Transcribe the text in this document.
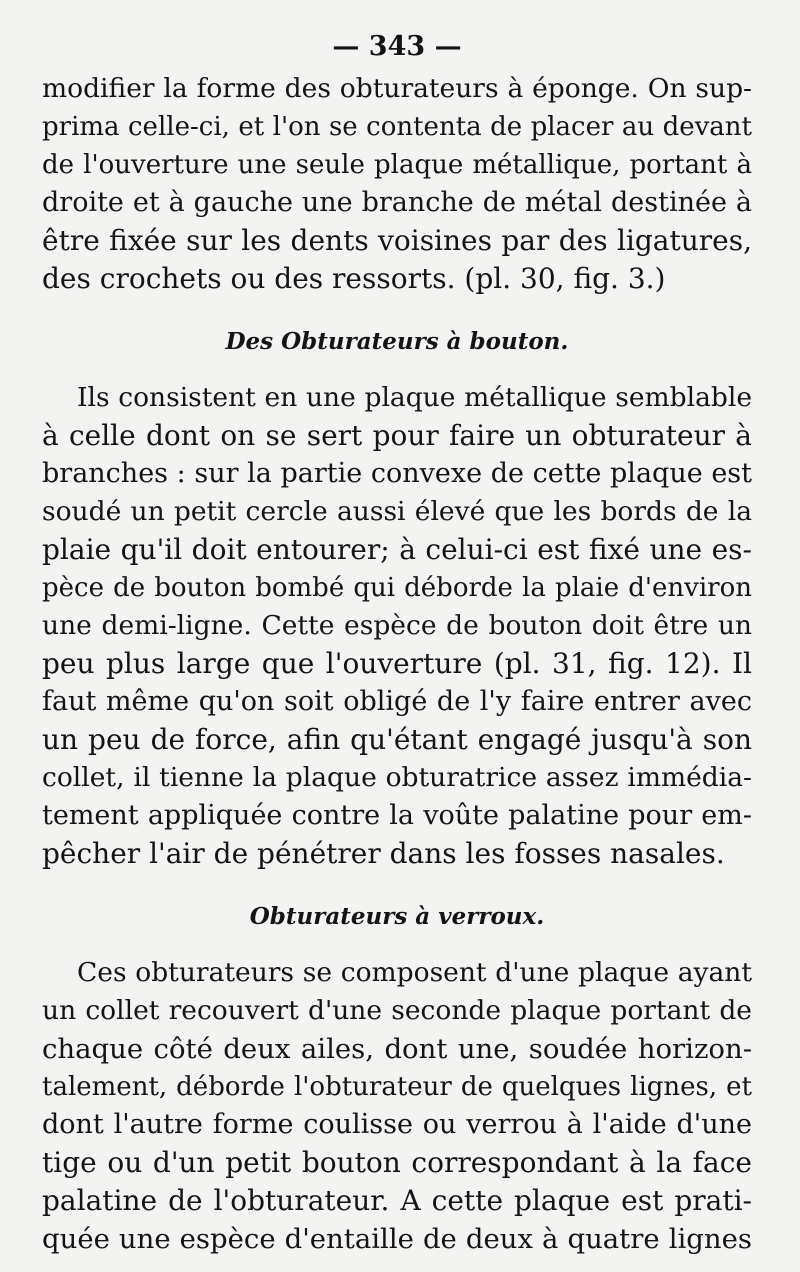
— 343 —
modifier la forme des obturateurs à éponge. On sup-
prima celle-ci, et l'on se contenta de placer au devant
de l'ouverture une seule plaque métallique, portant à
droite et à gauche une branche de métal destinée à
être fixée sur les dents voisines par des ligatures,
des crochets ou des ressorts. (pl. 30, fig. 3.)
Des Obturateurs à bouton.
Ils consistent en une plaque métallique semblable
à celle dont on se sert pour faire un obturateur à
branches : sur la partie convexe de cette plaque est
soudé un petit cercle aussi élevé que les bords de la
plaie qu'il doit entourer; à celui-ci est fixé une es-
pèce de bouton bombé qui déborde la plaie d'environ
une demi-ligne. Cette espèce de bouton doit être un
peu plus large que l'ouverture (pl. 31, fig. 12). Il
faut même qu'on soit obligé de l'y faire entrer avec
un peu de force, afin qu'étant engagé jusqu'à son
collet, il tienne la plaque obturatrice assez immédia-
tement appliquée contre la voûte palatine pour em-
pêcher l'air de pénétrer dans les fosses nasales.
Obturateurs à verroux.
Ces obturateurs se composent d'une plaque ayant
un collet recouvert d'une seconde plaque portant de
chaque côté deux ailes, dont une, soudée horizon-
talement, déborde l'obturateur de quelques lignes, et
dont l'autre forme coulisse ou verrou à l'aide d'une
tige ou d'un petit bouton correspondant à la face
palatine de l'obturateur. A cette plaque est prati-
quée une espèce d'entaille de deux à quatre lignes
